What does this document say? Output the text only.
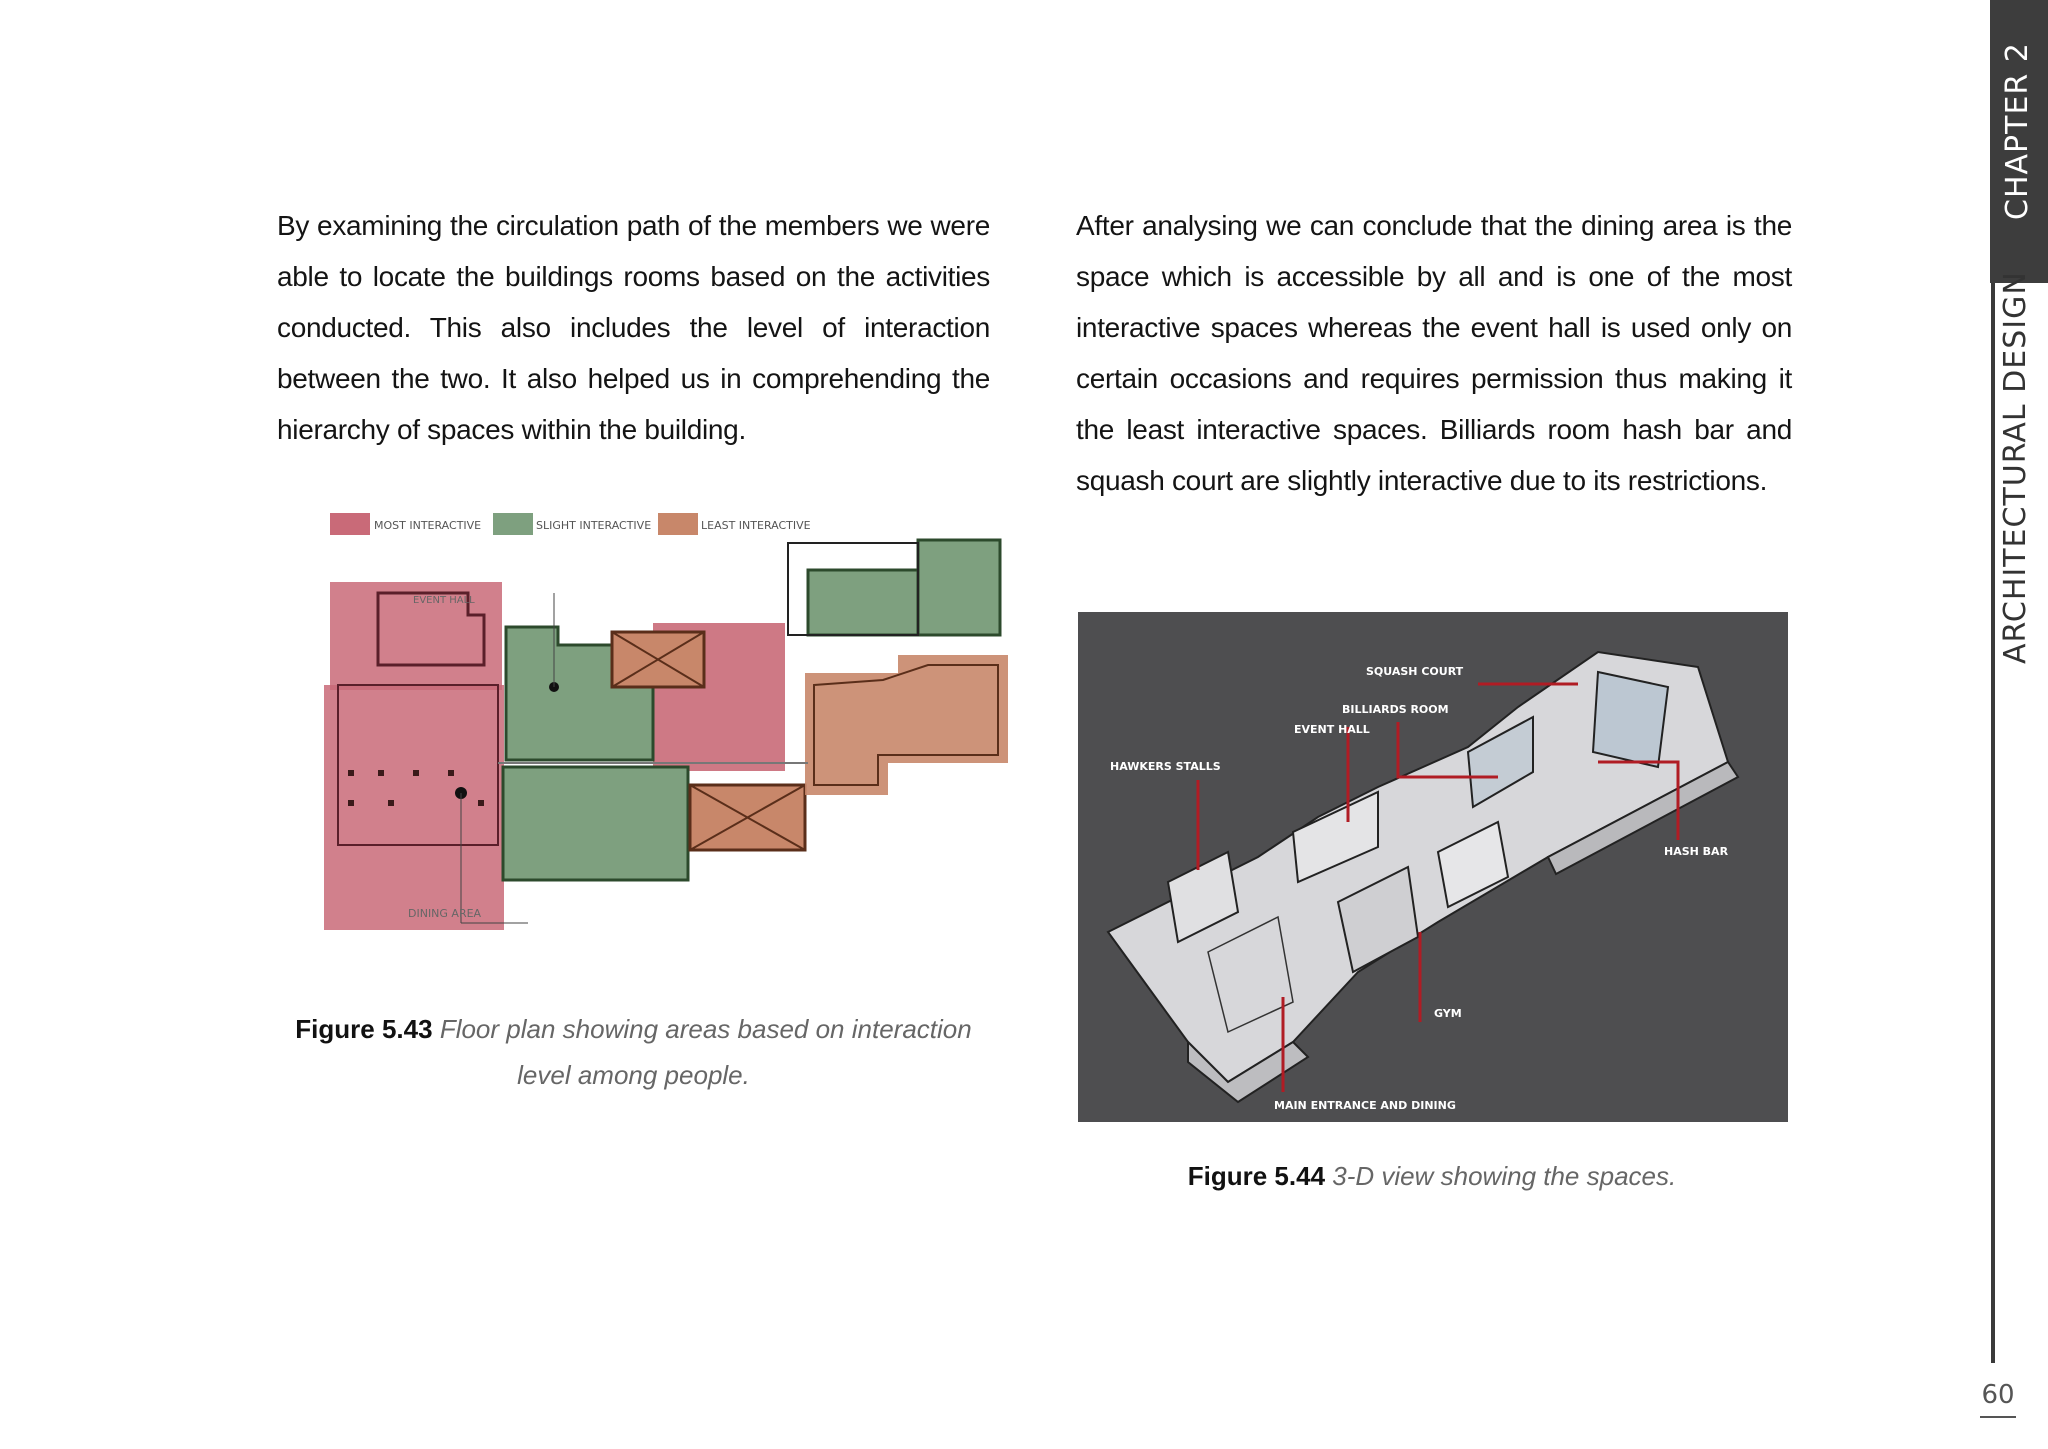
By examining the circulation path of the members we were able to locate the buildings rooms based on the activities conducted. This also includes the level of interaction between the two. It also helped us in comprehending the hierarchy of spaces within the building.
After analysing we can conclude that the dining area is the space which is accessible by all and is one of the most interactive spaces whereas the event hall is used only on certain occasions and requires permission thus making it the least interactive spaces. Billiards room hash bar and squash court are slightly interactive due to its restrictions.
MOST INTERACTIVE	SLIGHT INTERACTIVE	LEAST INTERACTIVE
EVENT HALL
DINING AREA
Figure 5.43 Floor plan showing areas based on interaction level among people.
SQUASH COURT
BILLIARDS ROOM
EVENT HALL
HAWKERS STALLS
HASH BAR
GYM
MAIN ENTRANCE AND DINING
Figure 5.44 3-D view showing the spaces.
CHAPTER 2
ARCHITECTURAL DESIGN
60
